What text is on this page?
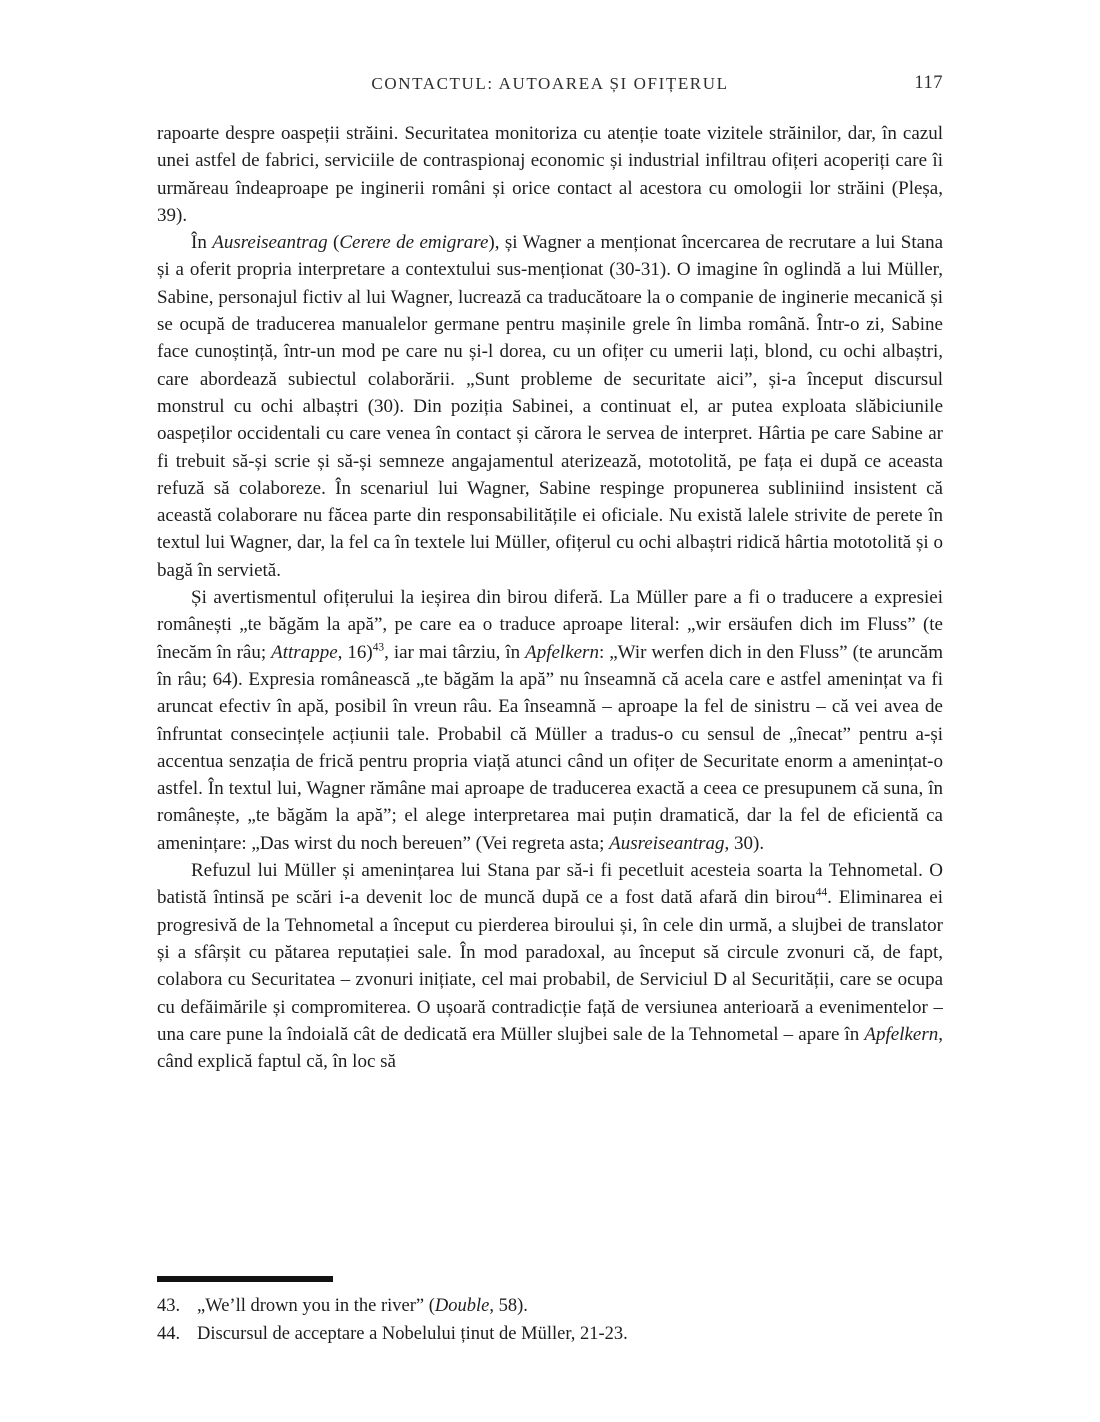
CONTACTUL: AUTOAREA ȘI OFIȚERUL	117

rapoarte despre oaspeții străini. Securitatea monitoriza cu atenție toate vizitele străinilor, dar, în cazul unei astfel de fabrici, serviciile de contraspionaj economic și industrial infiltrau ofițeri acoperiți care îi urmăreau îndeaproape pe inginerii români și orice contact al acestora cu omologii lor străini (Pleșa, 39).

În Ausreiseantrag (Cerere de emigrare), și Wagner a menționat încercarea de recrutare a lui Stana și a oferit propria interpretare a contextului sus-menționat (30-31). O imagine în oglindă a lui Müller, Sabine, personajul fictiv al lui Wagner, lucrează ca traducătoare la o companie de inginerie mecanică și se ocupă de traducerea manualelor germane pentru mașinile grele în limba română. Într-o zi, Sabine face cunoștință, într-un mod pe care nu și-l dorea, cu un ofițer cu umerii lați, blond, cu ochi albaștri, care abordează subiectul colaborării. „Sunt probleme de securitate aici”, și-a început discursul monstrul cu ochi albaștri (30). Din poziția Sabinei, a continuat el, ar putea exploata slăbiciunile oaspeților occidentali cu care venea în contact și cărora le servea de interpret. Hârtia pe care Sabine ar fi trebuit să-și scrie și să-și semneze angajamentul aterizează, mototolită, pe fața ei după ce aceasta refuză să colaboreze. În scenariul lui Wagner, Sabine respinge propunerea subliniind insistent că această colaborare nu făcea parte din responsabilitățile ei oficiale. Nu există lalele strivite de perete în textul lui Wagner, dar, la fel ca în textele lui Müller, ofițerul cu ochi albaștri ridică hârtia mototolită și o bagă în servietă.

Și avertismentul ofițerului la ieșirea din birou diferă. La Müller pare a fi o traducere a expresiei românești „te băgăm la apă”, pe care ea o traduce aproape literal: „wir ersäufen dich im Fluss” (te înecăm în râu; Attrappe, 16)$^{43}$, iar mai târziu, în Apfelkern: „Wir werfen dich in den Fluss” (te aruncăm în râu; 64). Expresia românească „te băgăm la apă” nu înseamnă că acela care e astfel amenințat va fi aruncat efectiv în apă, posibil în vreun râu. Ea înseamnă – aproape la fel de sinistru – că vei avea de înfruntat consecințele acțiunii tale. Probabil că Müller a tradus-o cu sensul de „înecat” pentru a-și accentua senzația de frică pentru propria viață atunci când un ofițer de Securitate enorm a amenințat-o astfel. În textul lui, Wagner rămâne mai aproape de traducerea exactă a ceea ce presupunem că suna, în românește, „te băgăm la apă”; el alege interpretarea mai puțin dramatică, dar la fel de eficientă ca amenințare: „Das wirst du noch bereuen” (Vei regreta asta; Ausreiseantrag, 30).

Refuzul lui Müller și amenințarea lui Stana par să-i fi pecetluit acesteia soarta la Tehnometal. O batistă întinsă pe scări i-a devenit loc de muncă după ce a fost dată afară din birou$^{44}$. Eliminarea ei progresivă de la Tehnometal a început cu pierderea biroului și, în cele din urmă, a slujbei de translator și a sfârșit cu pătarea reputației sale. În mod paradoxal, au început să circule zvonuri că, de fapt, colabora cu Securitatea – zvonuri inițiate, cel mai probabil, de Serviciul D al Securității, care se ocupa cu defăimările și compromiterea. O ușoară contradicție față de versiunea anterioară a evenimentelor – una care pune la îndoială cât de dedicată era Müller slujbei sale de la Tehnometal – apare în Apfelkern, când explică faptul că, în loc să

43. „We’ll drown you in the river” (Double, 58).
44. Discursul de acceptare a Nobelului ținut de Müller, 21-23.
